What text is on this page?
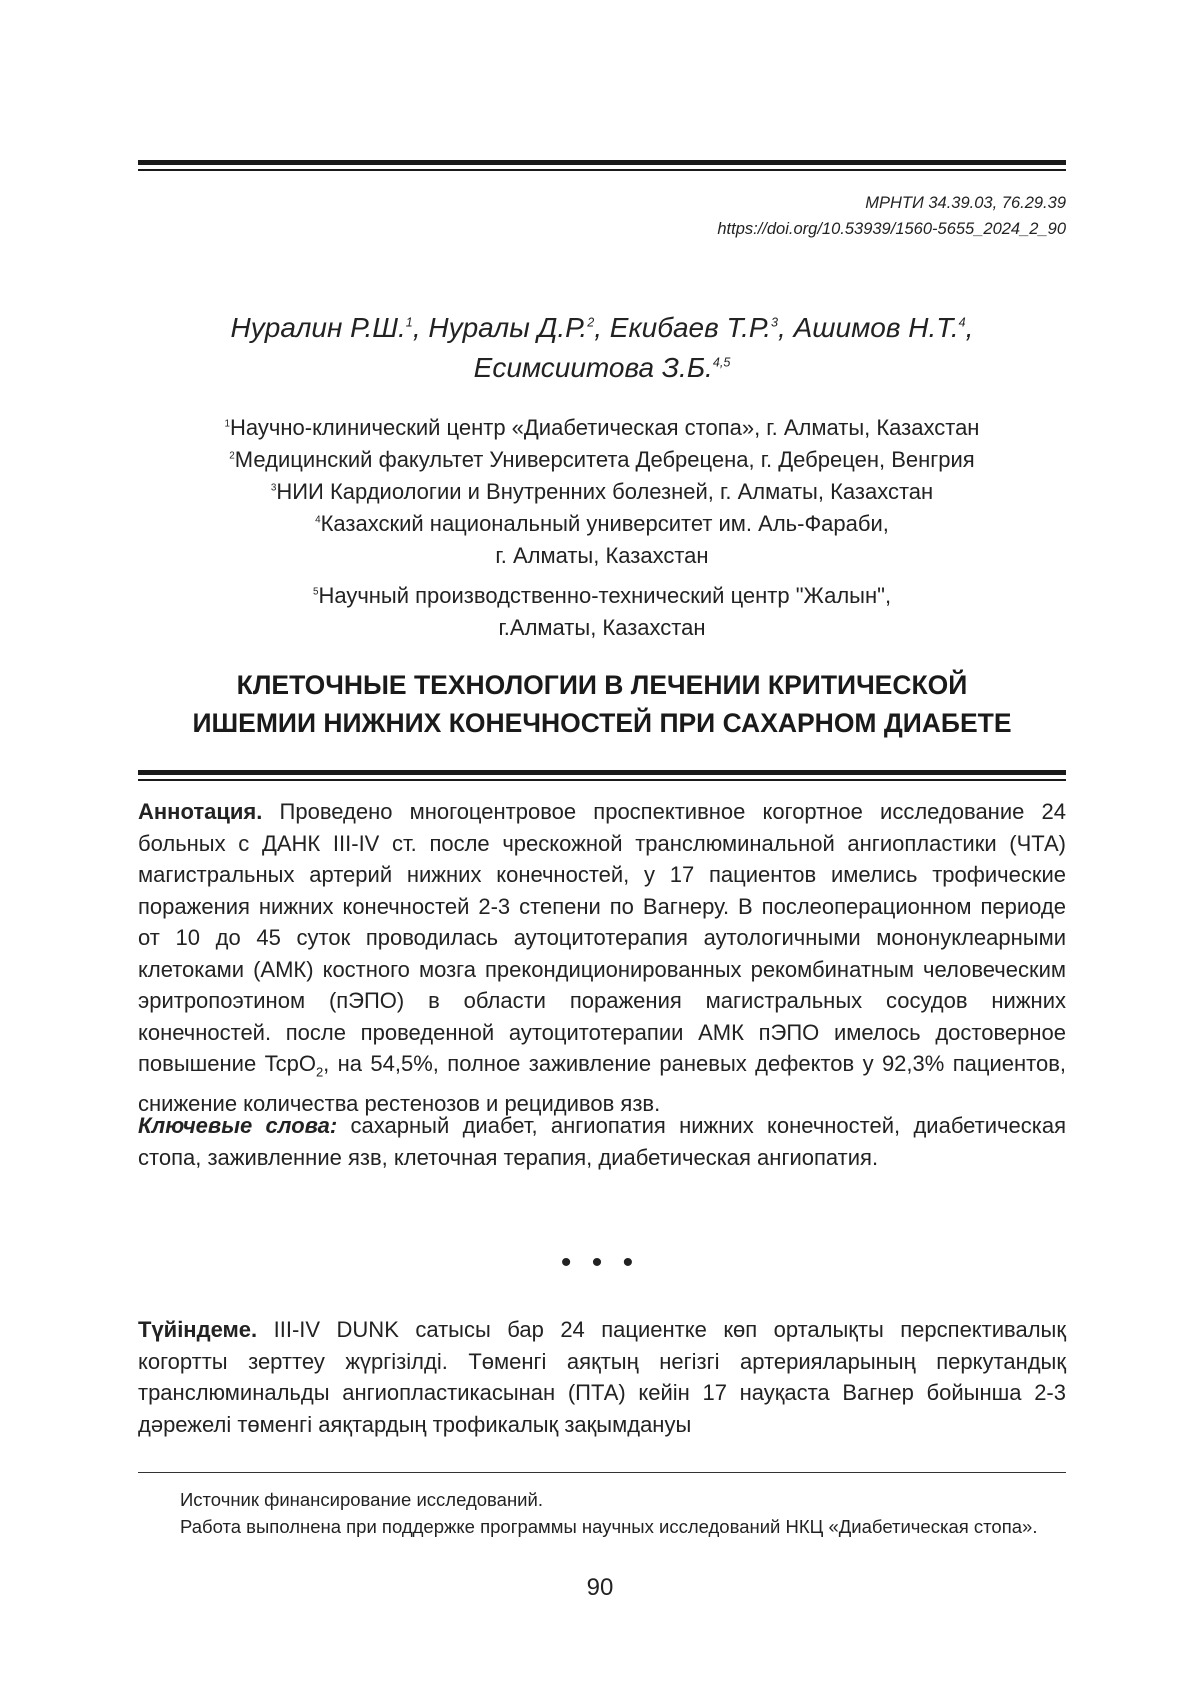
МРНТИ 34.39.03, 76.29.39
https://doi.org/10.53939/1560-5655_2024_2_90
Нуралин Р.Ш.$^1$, Нуралы Д.Р.$^2$, Екибаев Т.Р.$^3$, Ашимов Н.Т.$^4$,
Есимсиитова З.Б.$^{4,5}$
$^1$Научно-клинический центр «Диабетическая стопа», г. Алматы, Казахстан
$^2$Медицинский факультет Университета Дебрецена, г. Дебрецен, Венгрия
$^3$НИИ Кардиологии и Внутренних болезней, г. Алматы, Казахстан
$^4$Казахский национальный университет им. Аль-Фараби,
г. Алматы, Казахстан
$^5$Научный производственно-технический центр "Жалын",
г.Алматы, Казахстан
КЛЕТОЧНЫЕ ТЕХНОЛОГИИ В ЛЕЧЕНИИ КРИТИЧЕСКОЙ
ИШЕМИИ НИЖНИХ КОНЕЧНОСТЕЙ ПРИ САХАРНОМ ДИАБЕТЕ
Аннотация. Проведено многоцентровое проспективное когортное исследование 24 больных с ДАНК III-IV ст. после чрескожной транслюминальной ангиопластики (ЧТА) магистральных артерий нижних конечностей, у 17 пациентов имелись трофические поражения нижних конечностей 2-3 степени по Вагнеру. В послеоперационном периоде от 10 до 45 суток проводилась аутоцитотерапия аутологичными мононуклеарными клетоками (АМК) костного мозга прекондиционированных рекомбинатным человеческим эритропоэтином (пЭПО) в области поражения магистральных сосудов нижних конечностей. после проведенной аутоцитотерапии АМК пЭПО имелось достоверное повышение TcpO$_2$, на 54,5%, полное заживление раневых дефектов у 92,3% пациентов, снижение количества рестенозов и рецидивов язв.
Ключевые слова: сахарный диабет, ангиопатия нижних конечностей, диабетическая стопа, заживленние язв, клеточная терапия, диабетическая ангиопатия.
• • •
Түйіндеме. III-IV DUNK сатысы бар 24 пациентке көп орталықты перспективалық когортты зерттеу жүргізілді. Төменгі аяқтың негізгі артерияларының перкутандық транслюминальды ангиопластикасынан (ПТА) кейін 17 науқаста Вагнер бойынша 2-3 дәрежелі төменгі аяқтардың трофикалық зақымдануы

Источник финансирование исследований.

Работа выполнена при поддержке программы научных исследований НКЦ «Диабетическая стопа».

90
